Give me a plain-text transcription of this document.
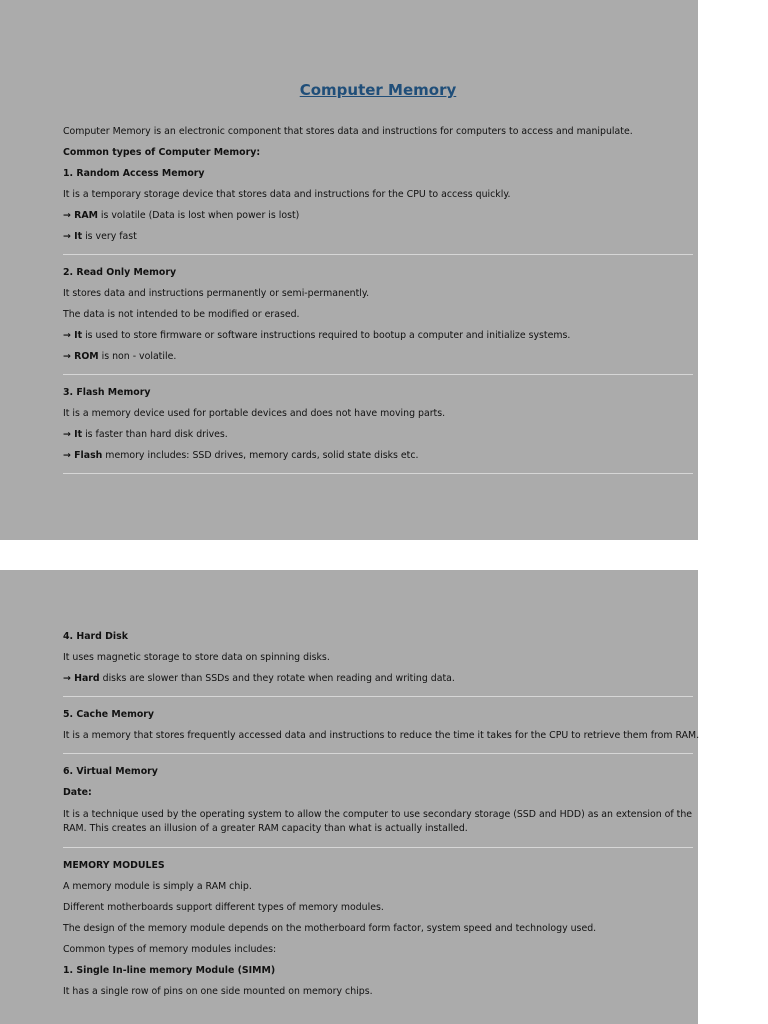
Computer Memory
Computer Memory is an electronic component that stores data and instructions for computers to access and manipulate.
Common types of Computer Memory:
1. Random Access Memory
It is a temporary storage device that stores data and instructions for the CPU to access quickly.
→ RAM is volatile (Data is lost when power is lost)
→ It is very fast
2. Read Only Memory
It stores data and instructions permanently or semi-permanently.
The data is not intended to be modified or erased.
→ It is used to store firmware or software instructions required to bootup a computer and initialize systems.
→ ROM is non - volatile.
3. Flash Memory
It is a memory device used for portable devices and does not have moving parts.
→ It is faster than hard disk drives.
→ Flash memory includes: SSD drives, memory cards, solid state disks etc.
4. Hard Disk
It uses magnetic storage to store data on spinning disks.
→ Hard disks are slower than SSDs and they rotate when reading and writing data.
5. Cache Memory
It is a memory that stores frequently accessed data and instructions to reduce the time it takes for the CPU to retrieve them from RAM.
6. Virtual Memory
Date:
It is a technique used by the operating system to allow the computer to use secondary storage (SSD and HDD) as an extension of the RAM. This creates an illusion of a greater RAM capacity than what is actually installed.
MEMORY MODULES
A memory module is simply a RAM chip.
Different motherboards support different types of memory modules.
The design of the memory module depends on the motherboard form factor, system speed and technology used.
Common types of memory modules includes:
1. Single In-line memory Module (SIMM)
It has a single row of pins on one side mounted on memory chips.
